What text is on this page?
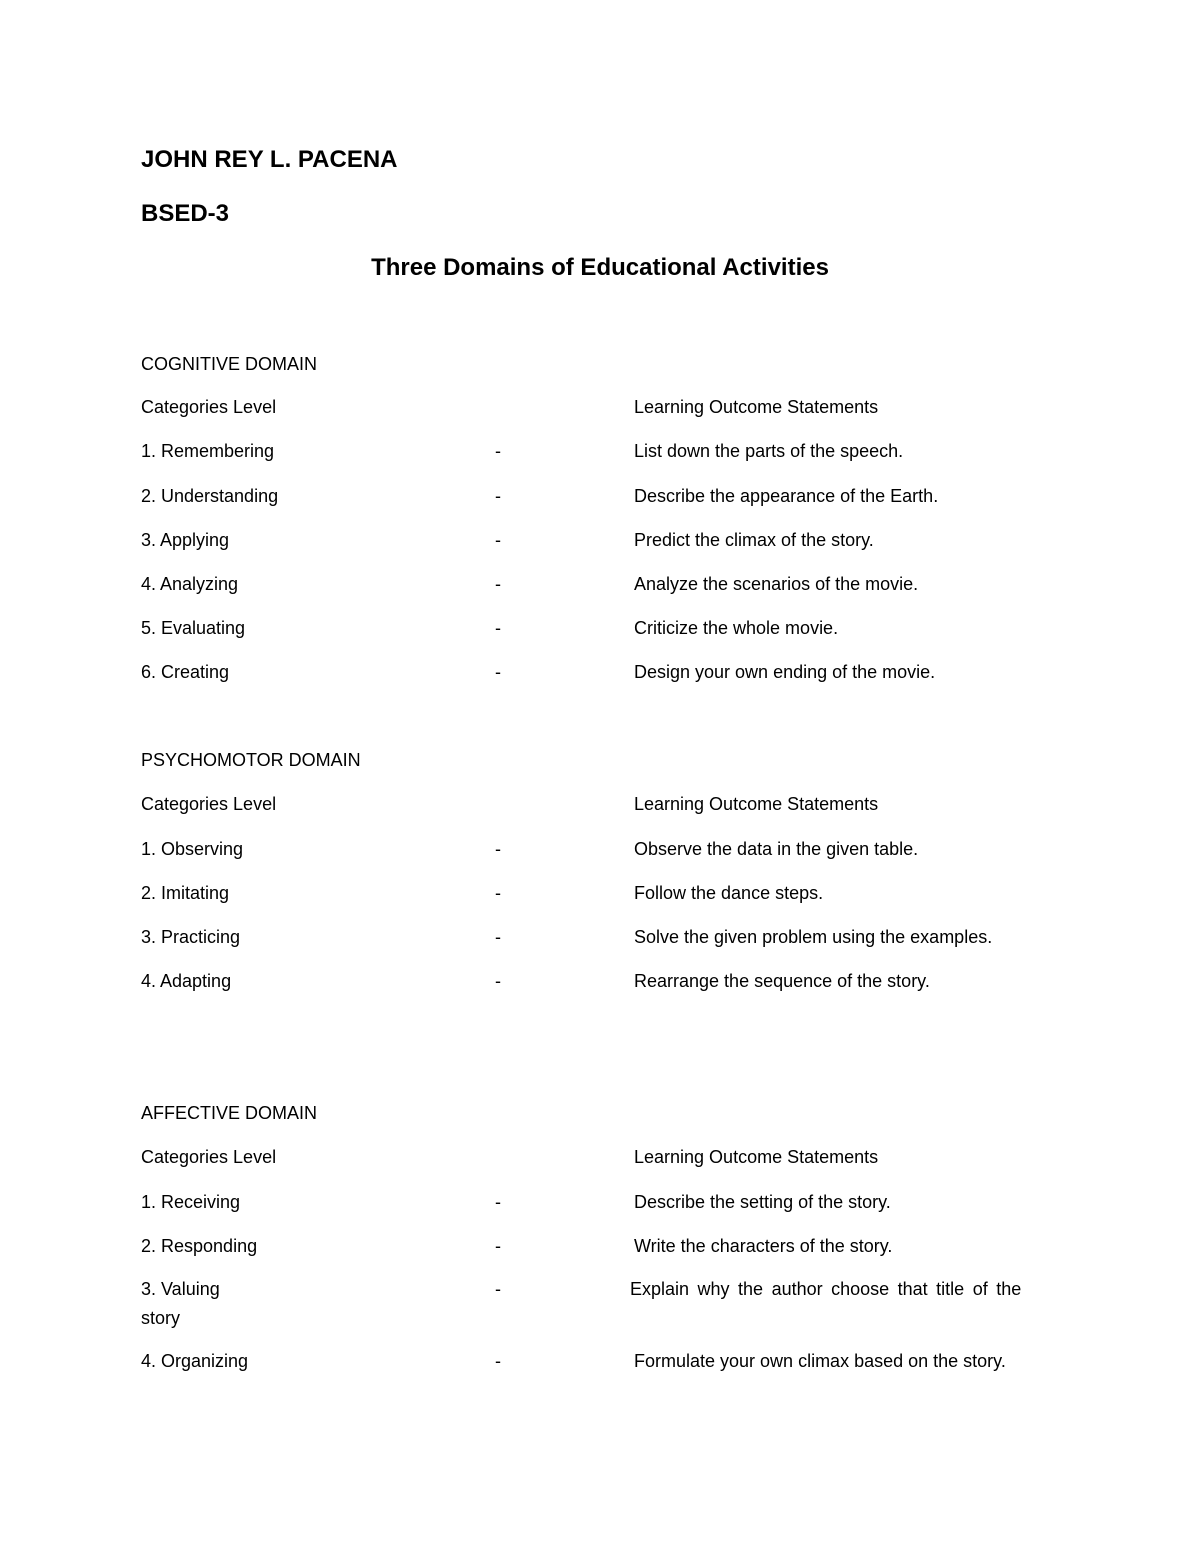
JOHN REY L. PACENA
BSED-3
Three Domains of Educational Activities
COGNITIVE DOMAIN
Categories Level	Learning Outcome Statements
1. Remembering	-	List down the parts of the speech.
2. Understanding	-	Describe the appearance of the Earth.
3. Applying	-	Predict the climax of the story.
4. Analyzing	-	Analyze the scenarios of the movie.
5. Evaluating	-	Criticize the whole movie.
6. Creating	-	Design your own ending of the movie.
PSYCHOMOTOR DOMAIN
Categories Level	Learning Outcome Statements
1. Observing	-	Observe the data in the given table.
2. Imitating	-	Follow the dance steps.
3. Practicing	-	Solve the given problem using the examples.
4. Adapting	-	Rearrange the sequence of the story.
AFFECTIVE DOMAIN
Categories Level	Learning Outcome Statements
1. Receiving	-	Describe the setting of the story.
2. Responding	-	Write the characters of the story.
3. Valuing	-	Explain why the author choose that title of the
story
4. Organizing	-	Formulate your own climax based on the story.
